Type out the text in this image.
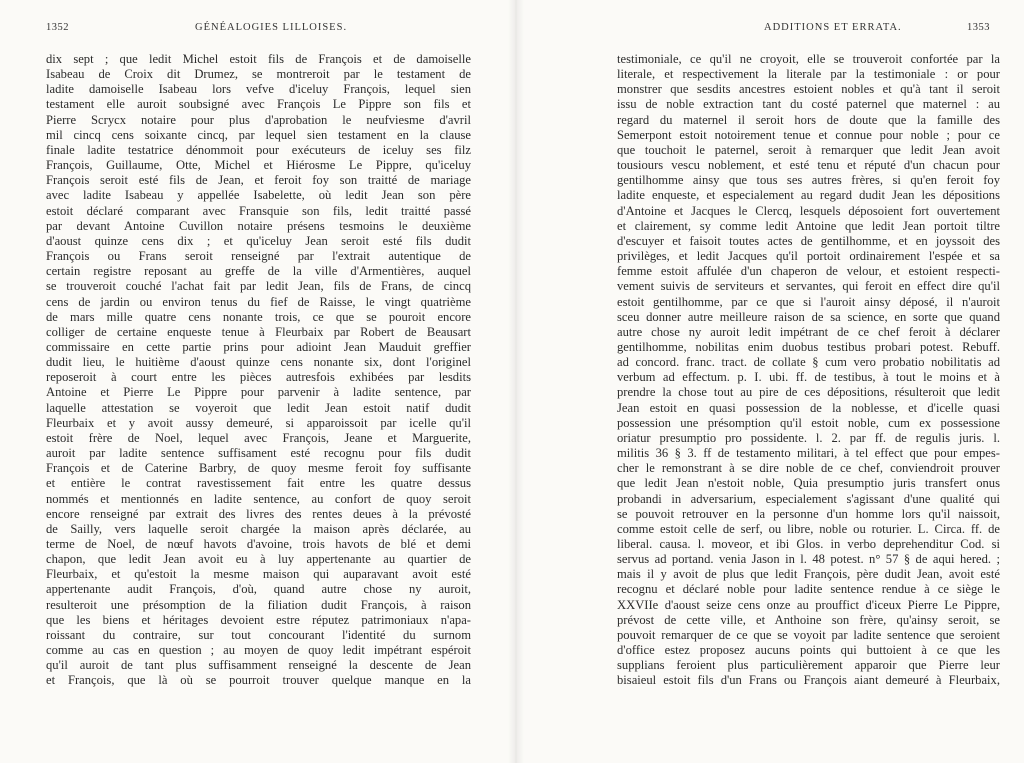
1352	GÉNÉALOGIES LILLOISES.
dix sept ; que ledit Michel estoit fils de François et de damoiselle
Isabeau de Croix dit Drumez, se montreroit par le testament de
ladite damoiselle Isabeau lors vefve d'iceluy François, lequel sien
testament elle auroit soubsigné avec François Le Pippre son fils et
Pierre Scrycx notaire pour plus d'aprobation le neufviesme d'avril
mil cincq cens soixante cincq, par lequel sien testament en la clause
finale ladite testatrice dénommoit pour exécuteurs de iceluy ses filz
François, Guillaume, Otte, Michel et Hiérosme Le Pippre, qu'iceluy
François seroit esté fils de Jean, et feroit foy son traitté de mariage
avec ladite Isabeau y appellée Isabelette, où ledit Jean son père
estoit déclaré comparant avec Fransquie son fils, ledit traitté passé
par devant Antoine Cuvillon notaire présens tesmoins le deuxième
d'aoust quinze cens dix ; et qu'iceluy Jean seroit esté fils dudit
François ou Frans seroit renseigné par l'extrait autentique de
certain registre reposant au greffe de la ville d'Armentières, auquel
se trouveroit couché l'achat fait par ledit Jean, fils de Frans, de cincq
cens de jardin ou environ tenus du fief de Raisse, le vingt quatrième
de mars mille quatre cens nonante trois, ce que se pouroit encore
colliger de certaine enqueste tenue à Fleurbaix par Robert de Beausart
commissaire en cette partie prins pour adioint Jean Mauduit greffier
dudit lieu, le huitième d'aoust quinze cens nonante six, dont l'originel
reposeroit à court entre les pièces autresfois exhibées par lesdits
Antoine et Pierre Le Pippre pour parvenir à ladite sentence, par
laquelle attestation se voyeroit que ledit Jean estoit natif dudit
Fleurbaix et y avoit aussy demeuré, si apparoissoit par icelle qu'il
estoit frère de Noel, lequel avec François, Jeane et Marguerite,
auroit par ladite sentence suffisament esté recognu pour fils dudit
François et de Caterine Barbry, de quoy mesme feroit foy suffisante
et entière le contrat ravestissement fait entre les quatre dessus
nommés et mentionnés en ladite sentence, au confort de quoy seroit
encore renseigné par extrait des livres des rentes deues à la prévosté
de Sailly, vers laquelle seroit chargée la maison après déclarée, au
terme de Noel, de nœuf havots d'avoine, trois havots de blé et demi
chapon, que ledit Jean avoit eu à luy appertenante au quartier de
Fleurbaix, et qu'estoit la mesme maison qui auparavant avoit esté
appertenante audit François, d'où, quand autre chose ny auroit,
resulteroit une présomption de la filiation dudit François, à raison
que les biens et héritages devoient estre réputez patrimoniaux n'apa-
roissant du contraire, sur tout concourant l'identité du surnom
comme au cas en question ; au moyen de quoy ledit impétrant espéroit
qu'il auroit de tant plus suffisamment renseigné la descente de Jean
et François, que là où se pourroit trouver quelque manque en la
ADDITIONS ET ERRATA.	1353
testimoniale, ce qu'il ne croyoit, elle se trouveroit confortée par la
literale, et respectivement la literale par la testimoniale : or pour
monstrer que sesdits ancestres estoient nobles et qu'à tant il seroit
issu de noble extraction tant du costé paternel que maternel : au
regard du maternel il seroit hors de doute que la famille des
Semerpont estoit notoirement tenue et connue pour noble ; pour ce
que touchoit le paternel, seroit à remarquer que ledit Jean avoit
tousiours vescu noblement, et esté tenu et réputé d'un chacun pour
gentilhomme ainsy que tous ses autres frères, si qu'en feroit foy
ladite enqueste, et especialement au regard dudit Jean les dépositions
d'Antoine et Jacques le Clercq, lesquels déposoient fort ouvertement
et clairement, sy comme ledit Antoine que ledit Jean portoit tiltre
d'escuyer et faisoit toutes actes de gentilhomme, et en joyssoit des
privilèges, et ledit Jacques qu'il portoit ordinairement l'espée et sa
femme estoit affulée d'un chaperon de velour, et estoient respecti-
vement suivis de serviteurs et servantes, qui feroit en effect dire qu'il
estoit gentilhomme, par ce que si l'auroit ainsy déposé, il n'auroit
sceu donner autre meilleure raison de sa science, en sorte que quand
autre chose ny auroit ledit impétrant de ce chef feroit à déclarer
gentilhomme, nobilitas enim duobus testibus probari potest. Rebuff.
ad concord. franc. tract. de collate § cum vero probatio nobilitatis ad
verbum ad effectum. p. I. ubi. ff. de testibus, à tout le moins et à
prendre la chose tout au pire de ces dépositions, résulteroit que ledit
Jean estoit en quasi possession de la noblesse, et d'icelle quasi
possession une présomption qu'il estoit noble, cum ex possessione
oriatur presumptio pro possidente. l. 2. par ff. de regulis juris. l.
militis 36 § 3. ff de testamento militari, à tel effect que pour empes-
cher le remonstrant à se dire noble de ce chef, conviendroit prouver
que ledit Jean n'estoit noble, Quia presumptio juris transfert onus
probandi in adversarium, especialement s'agissant d'une qualité qui
se pouvoit retrouver en la personne d'un homme lors qu'il naissoit,
comme estoit celle de serf, ou libre, noble ou roturier. L. Circa. ff. de
liberal. causa. l. moveor, et ibi Glos. in verbo deprehenditur Cod. si
servus ad portand. venia Jason in l. 48 potest. n° 57 § de aqui hered. ;
mais il y avoit de plus que ledit François, père dudit Jean, avoit esté
recognu et déclaré noble pour ladite sentence rendue à ce siège le
XXVIIe d'aoust seize cens onze au prouffict d'iceux Pierre Le Pippre,
prévost de cette ville, et Anthoine son frère, qu'ainsy seroit, se
pouvoit remarquer de ce que se voyoit par ladite sentence que seroient
d'office estez proposez aucuns points qui buttoient à ce que les
supplians feroient plus particulièrement apparoir que Pierre leur
bisaieul estoit fils d'un Frans ou François aiant demeuré à Fleurbaix,
